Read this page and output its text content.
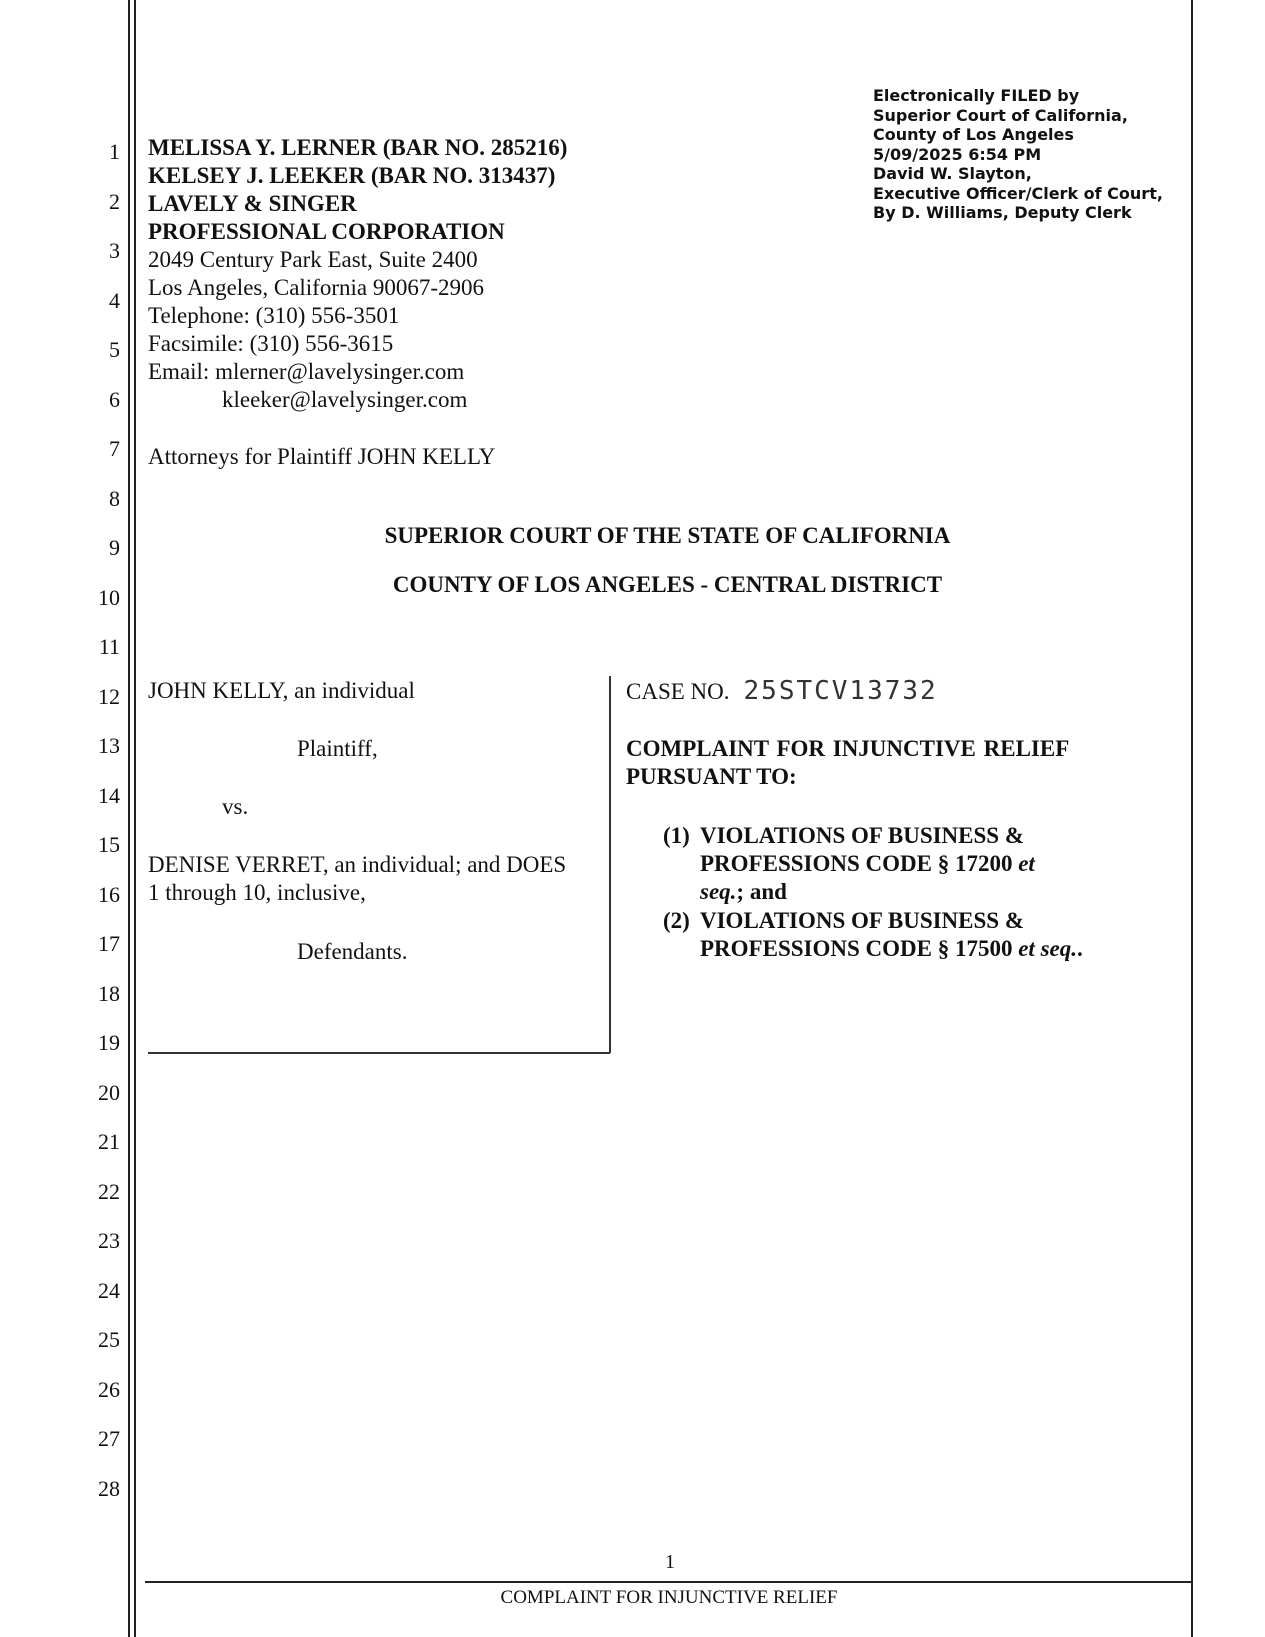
1
2
3
4
5
6
7
8
9
10
11
12
13
14
15
16
17
18
19
20
21
22
23
24
25
26
27
28
Electronically FILED by
Superior Court of California,
County of Los Angeles
5/09/2025 6:54 PM
David W. Slayton,
Executive Officer/Clerk of Court,
By D. Williams, Deputy Clerk
MELISSA Y. LERNER (BAR NO. 285216)
KELSEY J. LEEKER (BAR NO. 313437)
LAVELY & SINGER
PROFESSIONAL CORPORATION
2049 Century Park East, Suite 2400
Los Angeles, California 90067-2906
Telephone: (310) 556-3501
Facsimile: (310) 556-3615
Email: mlerner@lavelysinger.com
kleeker@lavelysinger.com
Attorneys for Plaintiff JOHN KELLY
SUPERIOR COURT OF THE STATE OF CALIFORNIA
COUNTY OF LOS ANGELES - CENTRAL DISTRICT
JOHN KELLY, an individual
Plaintiff,
vs.
DENISE VERRET, an individual; and DOES
1 through 10, inclusive,
Defendants.
CASE NO. 25STCV13732
COMPLAINT FOR INJUNCTIVE RELIEF
PURSUANT TO:
(1) VIOLATIONS OF BUSINESS &
PROFESSIONS CODE § 17200 et
seq.; and
(2) VIOLATIONS OF BUSINESS &
PROFESSIONS CODE § 17500 et seq..
1
COMPLAINT FOR INJUNCTIVE RELIEF
